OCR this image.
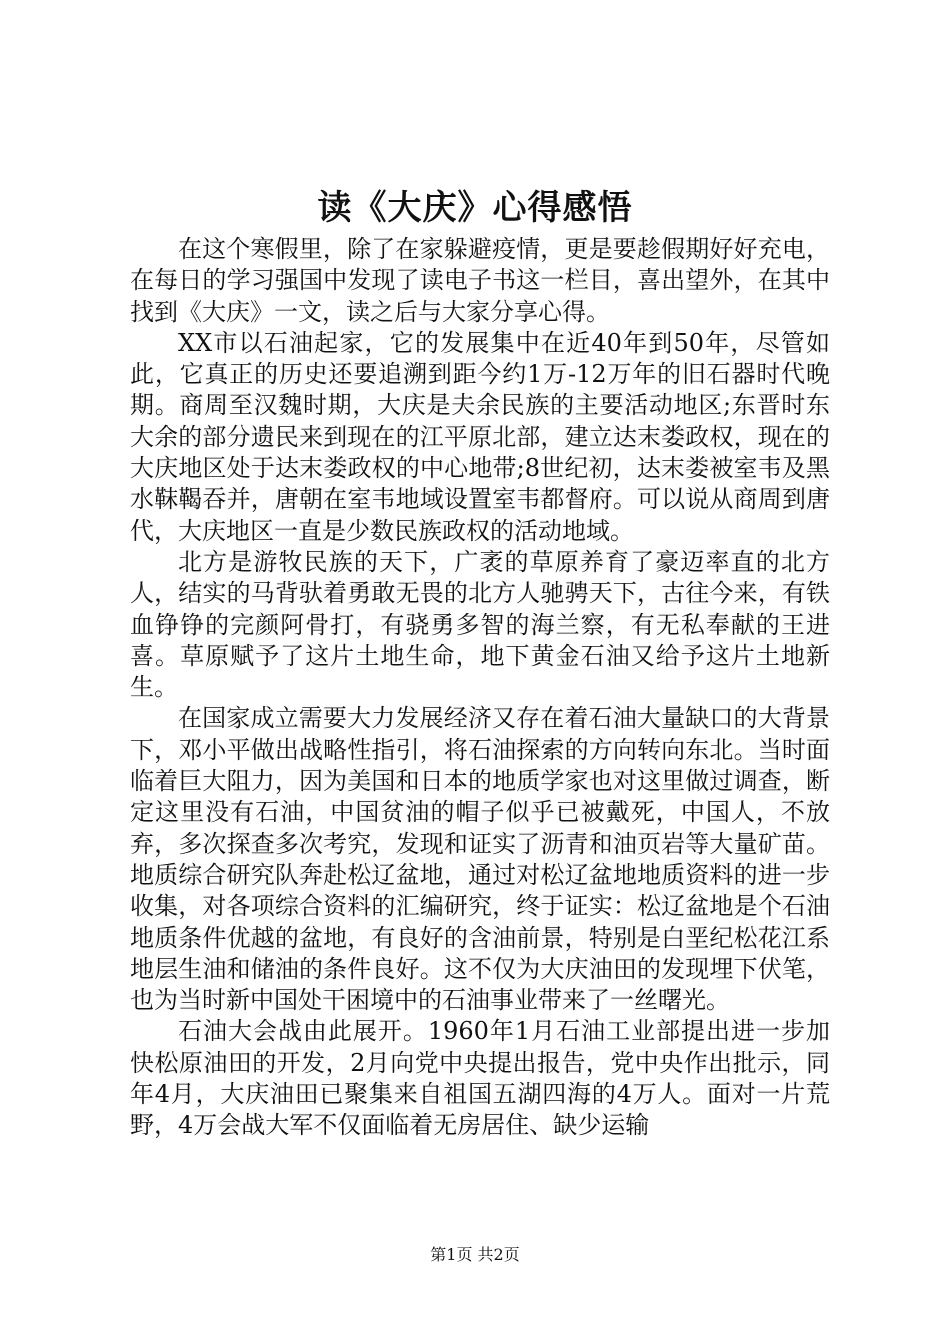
读《大庆》心得感悟

在这个寒假里，除了在家躲避疫情，更是要趁假期好好充电，在每日的学习强国中发现了读电子书这一栏目，喜出望外，在其中找到《大庆》一文，读之后与大家分享心得。

XX市以石油起家，它的发展集中在近40年到50年，尽管如此，它真正的历史还要追溯到距今约1万-12万年的旧石器时代晚期。商周至汉魏时期，大庆是夫余民族的主要活动地区;东晋时东大余的部分遗民来到现在的江平原北部，建立达末娄政权，现在的大庆地区处于达末娄政权的中心地带;8世纪初，达末娄被室韦及黑水靺鞨吞并，唐朝在室韦地域设置室韦都督府。可以说从商周到唐代，大庆地区一直是少数民族政权的活动地域。

北方是游牧民族的天下，广袤的草原养育了豪迈率直的北方人，结实的马背驮着勇敢无畏的北方人驰骋天下，古往今来，有铁血铮铮的完颜阿骨打，有骁勇多智的海兰察，有无私奉献的王进喜。草原赋予了这片土地生命，地下黄金石油又给予这片土地新生。

在国家成立需要大力发展经济又存在着石油大量缺口的大背景下，邓小平做出战略性指引，将石油探索的方向转向东北。当时面临着巨大阻力，因为美国和日本的地质学家也对这里做过调查，断定这里没有石油，中国贫油的帽子似乎已被戴死，中国人，不放弃，多次探查多次考究，发现和证实了沥青和油页岩等大量矿苗。地质综合研究队奔赴松辽盆地，通过对松辽盆地地质资料的进一步收集，对各项综合资料的汇编研究，终于证实：松辽盆地是个石油地质条件优越的盆地，有良好的含油前景，特别是白垩纪松花江系地层生油和储油的条件良好。这不仅为大庆油田的发现埋下伏笔，也为当时新中国处干困境中的石油事业带来了一丝曙光。

石油大会战由此展开。1960年1月石油工业部提出进一步加快松原油田的开发，2月向党中央提出报告，党中央作出批示，同年4月，大庆油田已聚集来自祖国五湖四海的4万人。面对一片荒野，4万会战大军不仅面临着无房居住、缺少运输

第1页 共2页
